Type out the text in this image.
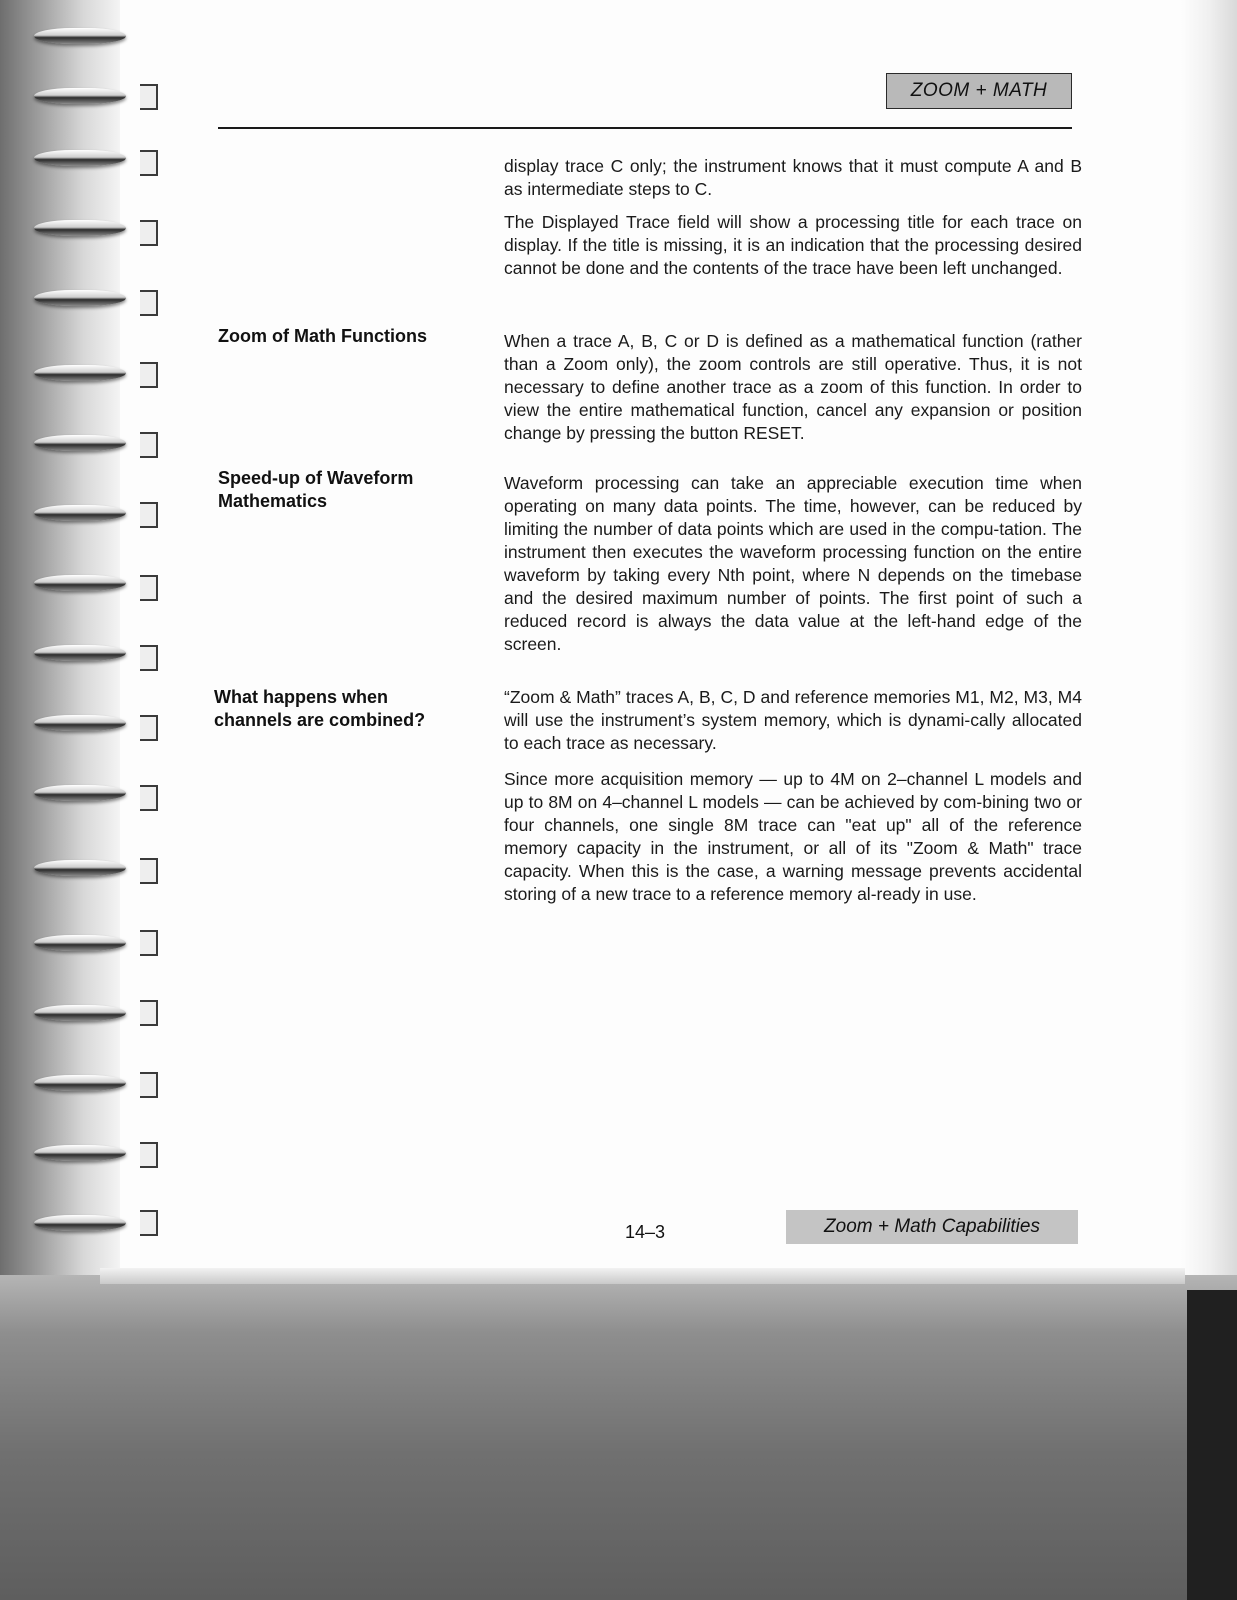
ZOOM + MATH

display trace C only; the instrument knows that it must compute A and B as intermediate steps to C.

The Displayed Trace field will show a processing title for each trace on display. If the title is missing, it is an indication that the processing desired cannot be done and the contents of the trace have been left unchanged.

Zoom of Math Functions	When a trace A, B, C or D is defined as a mathematical function (rather than a Zoom only), the zoom controls are still operative. Thus, it is not necessary to define another trace as a zoom of this function. In order to view the entire mathematical function, cancel any expansion or position change by pressing the button RESET.

Speed-up of Waveform
Mathematics

Waveform processing can take an appreciable execution time when operating on many data points. The time, however, can be reduced by limiting the number of data points which are used in the compu-tation. The instrument then executes the waveform processing function on the entire waveform by taking every Nth point, where N depends on the timebase and the desired maximum number of points. The first point of such a reduced record is always the data value at the left-hand edge of the screen.

What happens when
channels are combined?

“Zoom & Math” traces A, B, C, D and reference memories M1, M2, M3, M4 will use the instrument’s system memory, which is dynami-cally allocated to each trace as necessary.

Since more acquisition memory — up to 4M on 2–channel L models and up to 8M on 4–channel L models — can be achieved by com-bining two or four channels, one single 8M trace can "eat up" all of the reference memory capacity in the instrument, or all of its "Zoom & Math" trace capacity. When this is the case, a warning message prevents accidental storing of a new trace to a reference memory al-ready in use.

14–3	Zoom + Math Capabilities
